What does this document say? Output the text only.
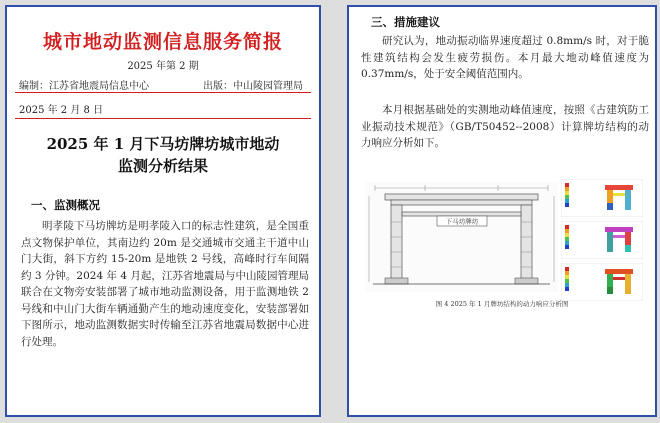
城市地动监测信息服务简报
2025 年第 2 期
编制：江苏省地震局信息中心	出版：中山陵园管理局
2025 年 2 月 8 日
2025 年 1 月下马坊牌坊城市地动
监测分析结果
一、监测概况
明孝陵下马坊牌坊是明孝陵入口的标志性建筑，是全国重点文物保护单位，其南边约 20m 是交通城市交通主干道中山门大街，斜下方约 15-20m 是地铁 2 号线，高峰时行车间隔约 3 分钟。2024 年 4 月起，江苏省地震局与中山陵园管理局联合在文物旁安装部署了城市地动监测设备，用于监测地铁 2 号线和中山门大街车辆通勤产生的地动速度变化，安装部署如下图所示，地动监测数据实时传输至江苏省地震局数据中心进行处理。
三、措施建议
研究认为，地动振动临界速度超过 0.8mm/s 时，对于脆性建筑结构会发生疲劳损伤。本月最大地动峰值速度为 0.37mm/s，处于安全阈值范围内。
本月根据基础处的实测地动峰值速度，按照《古建筑防工业振动技术规范》（GB/T50452--2008）计算牌坊结构的动力响应分析如下。
下马坊牌坊
图 4 2025 年 1 月牌坊结构的动力响应分析图
